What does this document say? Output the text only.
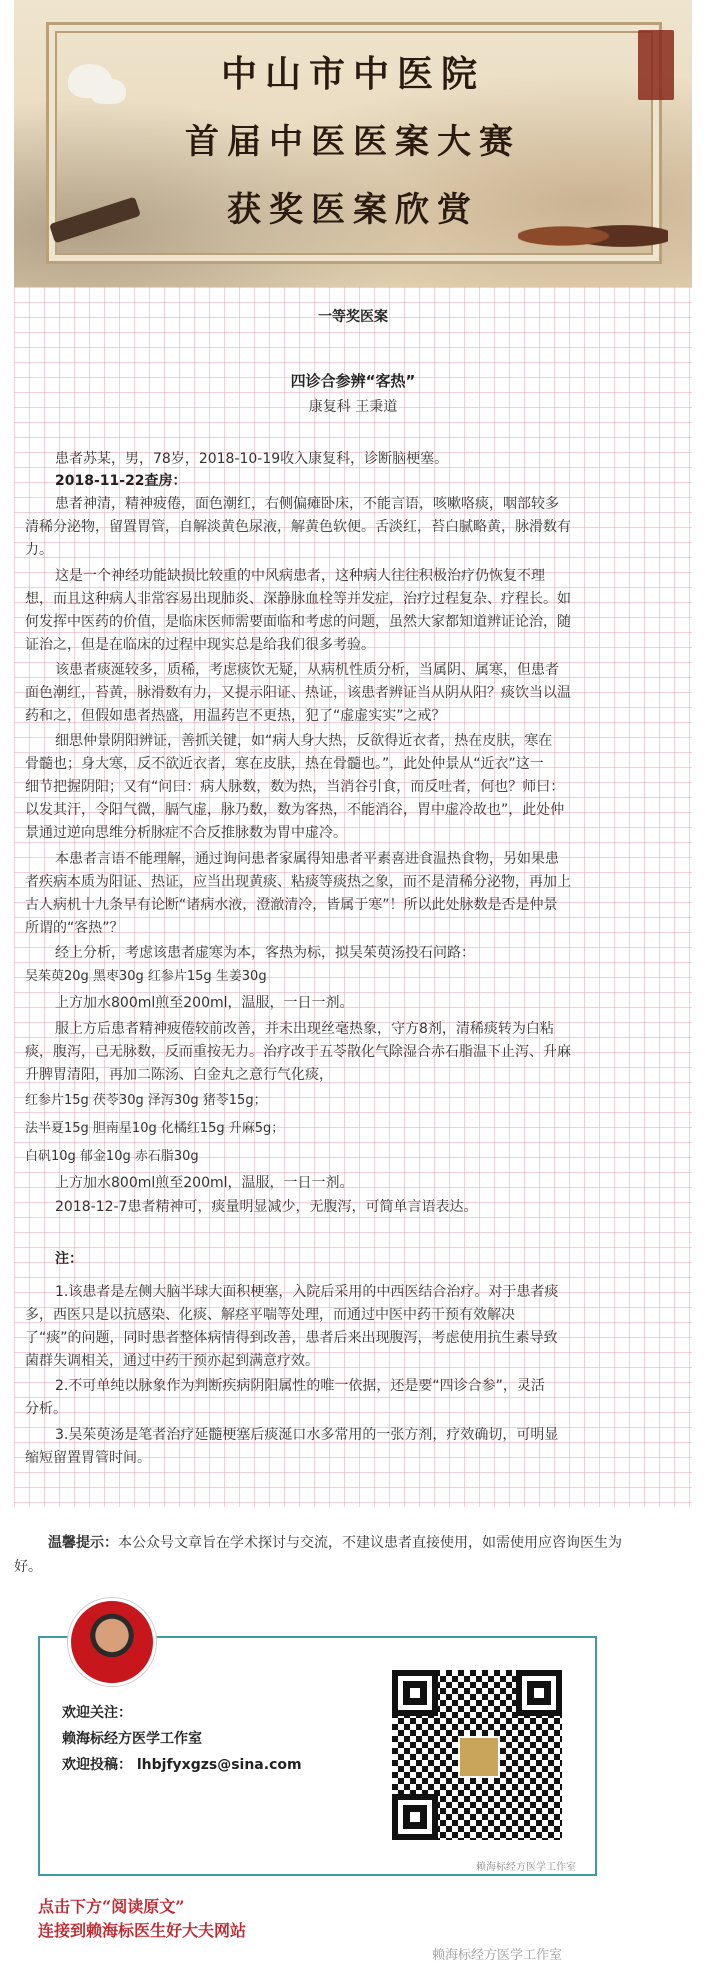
中山市中医院
首届中医医案大赛
获奖医案欣赏
一等奖医案
四诊合参辨“客热”
康复科 王秉道
患者苏某，男，78岁，2018-10-19收入康复科，诊断脑梗塞。
2018-11-22查房：
患者神清，精神疲倦，面色潮红，右侧偏瘫卧床，不能言语，咳嗽咯痰，咽部较多
清稀分泌物，留置胃管，自解淡黄色尿液，解黄色软便。舌淡红，苔白腻略黄，脉滑数有
力。
这是一个神经功能缺损比较重的中风病患者，这种病人往往积极治疗仍恢复不理
想，而且这种病人非常容易出现肺炎、深静脉血栓等并发症，治疗过程复杂、疗程长。如
何发挥中医药的价值，是临床医师需要面临和考虑的问题，虽然大家都知道辨证论治，随
证治之，但是在临床的过程中现实总是给我们很多考验。
该患者痰涎较多，质稀，考虑痰饮无疑，从病机性质分析，当属阴、属寒，但患者
面色潮红，苔黄，脉滑数有力，又提示阳证、热证，该患者辨证当从阴从阳？痰饮当以温
药和之，但假如患者热盛，用温药岂不更热，犯了“虚虚实实”之戒？
细思仲景阴阳辨证，善抓关键，如“病人身大热，反欲得近衣者，热在皮肤，寒在
骨髓也；身大寒，反不欲近衣者，寒在皮肤，热在骨髓也。”，此处仲景从“近衣”这一
细节把握阴阳；又有“问曰：病人脉数，数为热，当消谷引食，而反吐者，何也？师曰：
以发其汗，令阳气微，膈气虚，脉乃数，数为客热，不能消谷，胃中虚冷故也”，此处仲
景通过逆向思维分析脉症不合反推脉数为胃中虚冷。
本患者言语不能理解，通过询问患者家属得知患者平素喜进食温热食物，另如果患
者疾病本质为阳证、热证，应当出现黄痰、粘痰等痰热之象，而不是清稀分泌物，再加上
古人病机十九条早有论断“诸病水液，澄澈清冷，皆属于寒”！所以此处脉数是否是仲景
所谓的“客热”？
经上分析，考虑该患者虚寒为本，客热为标，拟吴茱萸汤投石问路：
吴茱萸20g 黑枣30g 红参片15g 生姜30g
上方加水800ml煎至200ml，温服，一日一剂。
服上方后患者精神疲倦较前改善，并未出现丝毫热象，守方8剂，清稀痰转为白粘
痰，腹泻，已无脉数，反而重按无力。治疗改于五苓散化气除湿合赤石脂温下止泻、升麻
升脾胃清阳，再加二陈汤、白金丸之意行气化痰，
红参片15g 茯苓30g 泽泻30g 猪苓15g；
法半夏15g 胆南星10g 化橘红15g 升麻5g；
白矾10g 郁金10g 赤石脂30g
上方加水800ml煎至200ml，温服，一日一剂。
2018-12-7患者精神可，痰量明显减少，无腹泻，可简单言语表达。
注：
1.该患者是左侧大脑半球大面积梗塞，入院后采用的中西医结合治疗。对于患者痰
多，西医只是以抗感染、化痰、解痉平喘等处理，而通过中医中药干预有效解决
了“痰”的问题，同时患者整体病情得到改善，患者后来出现腹泻，考虑使用抗生素导致
菌群失调相关，通过中药干预亦起到满意疗效。
2.不可单纯以脉象作为判断疾病阴阳属性的唯一依据，还是要“四诊合参”，灵活
分析。
3.吴茱萸汤是笔者治疗延髓梗塞后痰涎口水多常用的一张方剂，疗效确切，可明显
缩短留置胃管时间。
温馨提示：本公众号文章旨在学术探讨与交流，不建议患者直接使用，如需使用应咨询医生为
好。
欢迎关注：
赖海标经方医学工作室
欢迎投稿： lhbjfyxgzs@sina.com
赖海标经方医学工作室
点击下方“阅读原文”
连接到赖海标医生好大夫网站
赖海标经方医学工作室
